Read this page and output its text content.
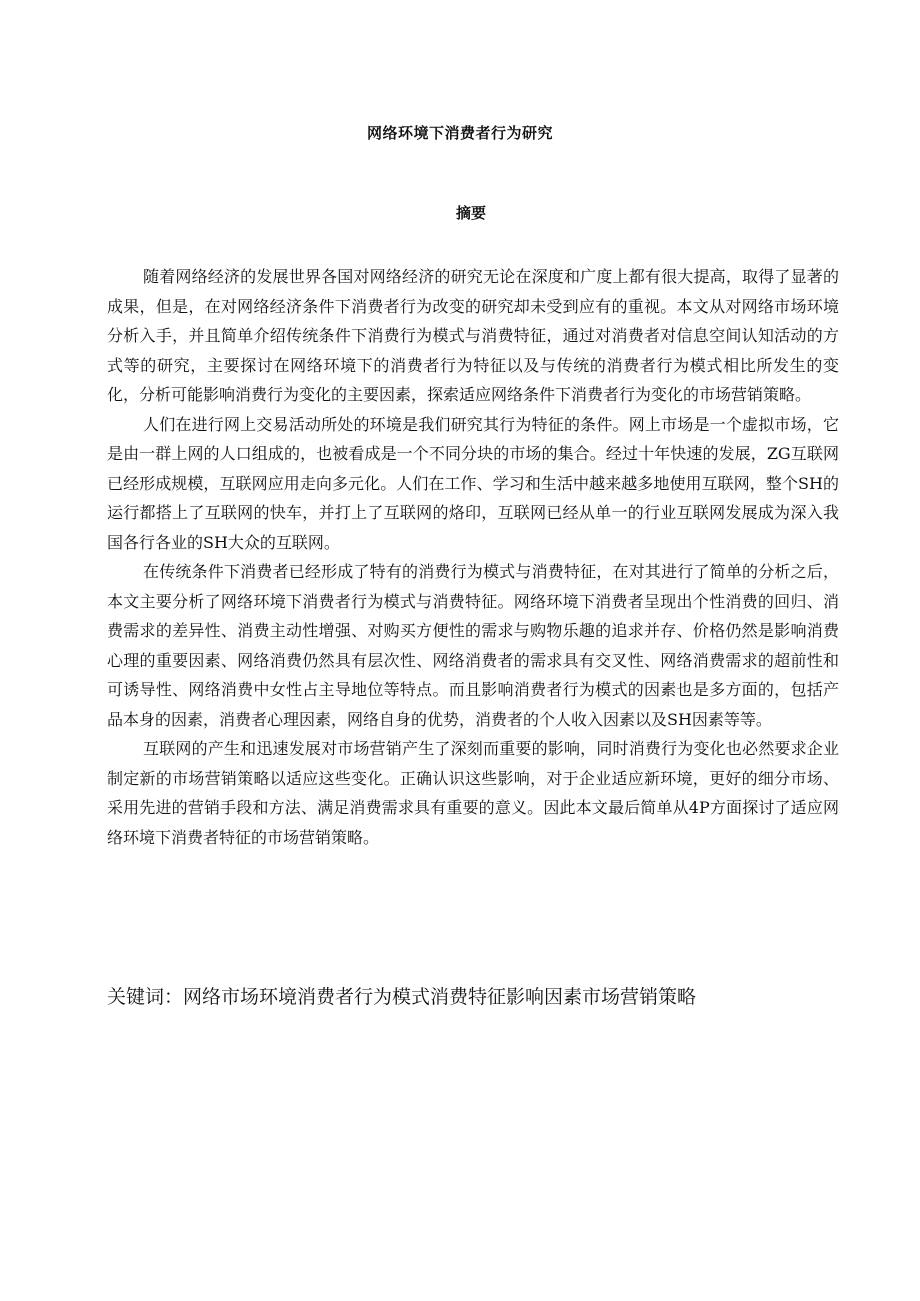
网络环境下消费者行为研究
摘要

随着网络经济的发展世界各国对网络经济的研究无论在深度和广度上都有很大提高，取得了显著的成果，但是，在对网络经济条件下消费者行为改变的研究却未受到应有的重视。本文从对网络市场环境分析入手，并且简单介绍传统条件下消费行为模式与消费特征，通过对消费者对信息空间认知活动的方式等的研究，主要探讨在网络环境下的消费者行为特征以及与传统的消费者行为模式相比所发生的变化，分析可能影响消费行为变化的主要因素，探索适应网络条件下消费者行为变化的市场营销策略。

人们在进行网上交易活动所处的环境是我们研究其行为特征的条件。网上市场是一个虚拟市场，它是由一群上网的人口组成的，也被看成是一个不同分块的市场的集合。经过十年快速的发展，ZG互联网已经形成规模，互联网应用走向多元化。人们在工作、学习和生活中越来越多地使用互联网，整个SH的运行都搭上了互联网的快车，并打上了互联网的烙印，互联网已经从单一的行业互联网发展成为深入我国各行各业的SH大众的互联网。

在传统条件下消费者已经形成了特有的消费行为模式与消费特征，在对其进行了简单的分析之后，本文主要分析了网络环境下消费者行为模式与消费特征。网络环境下消费者呈现出个性消费的回归、消费需求的差异性、消费主动性增强、对购买方便性的需求与购物乐趣的追求并存、价格仍然是影响消费心理的重要因素、网络消费仍然具有层次性、网络消费者的需求具有交叉性、网络消费需求的超前性和可诱导性、网络消费中女性占主导地位等特点。而且影响消费者行为模式的因素也是多方面的，包括产品本身的因素，消费者心理因素，网络自身的优势，消费者的个人收入因素以及SH因素等等。

互联网的产生和迅速发展对市场营销产生了深刻而重要的影响，同时消费行为变化也必然要求企业制定新的市场营销策略以适应这些变化。正确认识这些影响，对于企业适应新环境，更好的细分市场、采用先进的营销手段和方法、满足消费需求具有重要的意义。因此本文最后简单从4P方面探讨了适应网络环境下消费者特征的市场营销策略。

关键词：网络市场环境消费者行为模式消费特征影响因素市场营销策略
